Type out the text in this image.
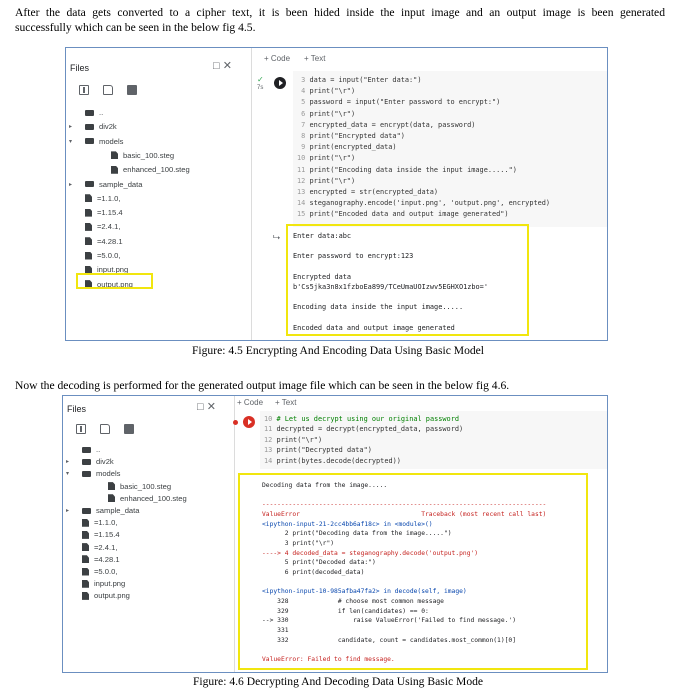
After the data gets converted to a cipher text, it is been hided inside the input image and an output image is been generated
successfully which can be seen in the below fig 4.5.
Files	□ ✕
..
▸	div2k
▾	models
basic_100.steg
enhanced_100.steg
▸	sample_data
=1.1.0,
=1.15.4
=2.4.1,
=4.28.1
=5.0.0,
input.png
output.png
+ Code + Text
✓
7s
3 data = input("Enter data:")
4 print("\r")
5 password = input("Enter password to encrypt:")
6 print("\r")
7 encrypted_data = encrypt(data, password)
8 print("Encrypted data")
9 print(encrypted_data)
10 print("\r")
11 print("Encoding data inside the input image.....")
12 print("\r")
13 encrypted = str(encrypted_data)
14 steganography.encode('input.png', 'output.png', encrypted)
15 print("Encoded data and output image generated")
⮡ Enter data:abc

Enter password to encrypt:123

Encrypted data
b'Cs5jka3n8x1fzboEa899/TCeUmaUOIzwv5EGHXO1zbo='

Encoding data inside the input image.....

Encoded data and output image generated
Figure: 4.5 Encrypting And Encoding Data Using Basic Model
Now the decoding is performed for the generated output image file which can be seen in the below fig 4.6.
Files	□ ✕
..
▸	div2k
▾	models
basic_100.steg
enhanced_100.steg
▸	sample_data
=1.1.0,
=1.15.4
=2.4.1,
=4.28.1
=5.0.0,
input.png
output.png
+ Code + Text
10 # Let us decrypt using our original password
11 decrypted = decrypt(encrypted_data, password)
12 print("\r")
13 print("Decrypted data")
14 print(bytes.decode(decrypted))
Decoding data from the image.....

---------------------------------------------------------------------------
ValueError                                Traceback (most recent call last)
<ipython-input-21-2cc4bb6af18c> in <module>()
2 print("Decoding data from the image.....")
3 print("\r")
----> 4 decoded_data = steganography.decode('output.png')
5 print("Decoded data:")
6 print(decoded_data)

<ipython-input-10-985afba47fa2> in decode(self, image)
328             # choose most common message
329             if len(candidates) == 0:
--> 330                 raise ValueError('Failed to find message.')
331
332             candidate, count = candidates.most_common(1)[0]

ValueError: Failed to find message.
Figure: 4.6 Decrypting And Decoding Data Using Basic Mode
